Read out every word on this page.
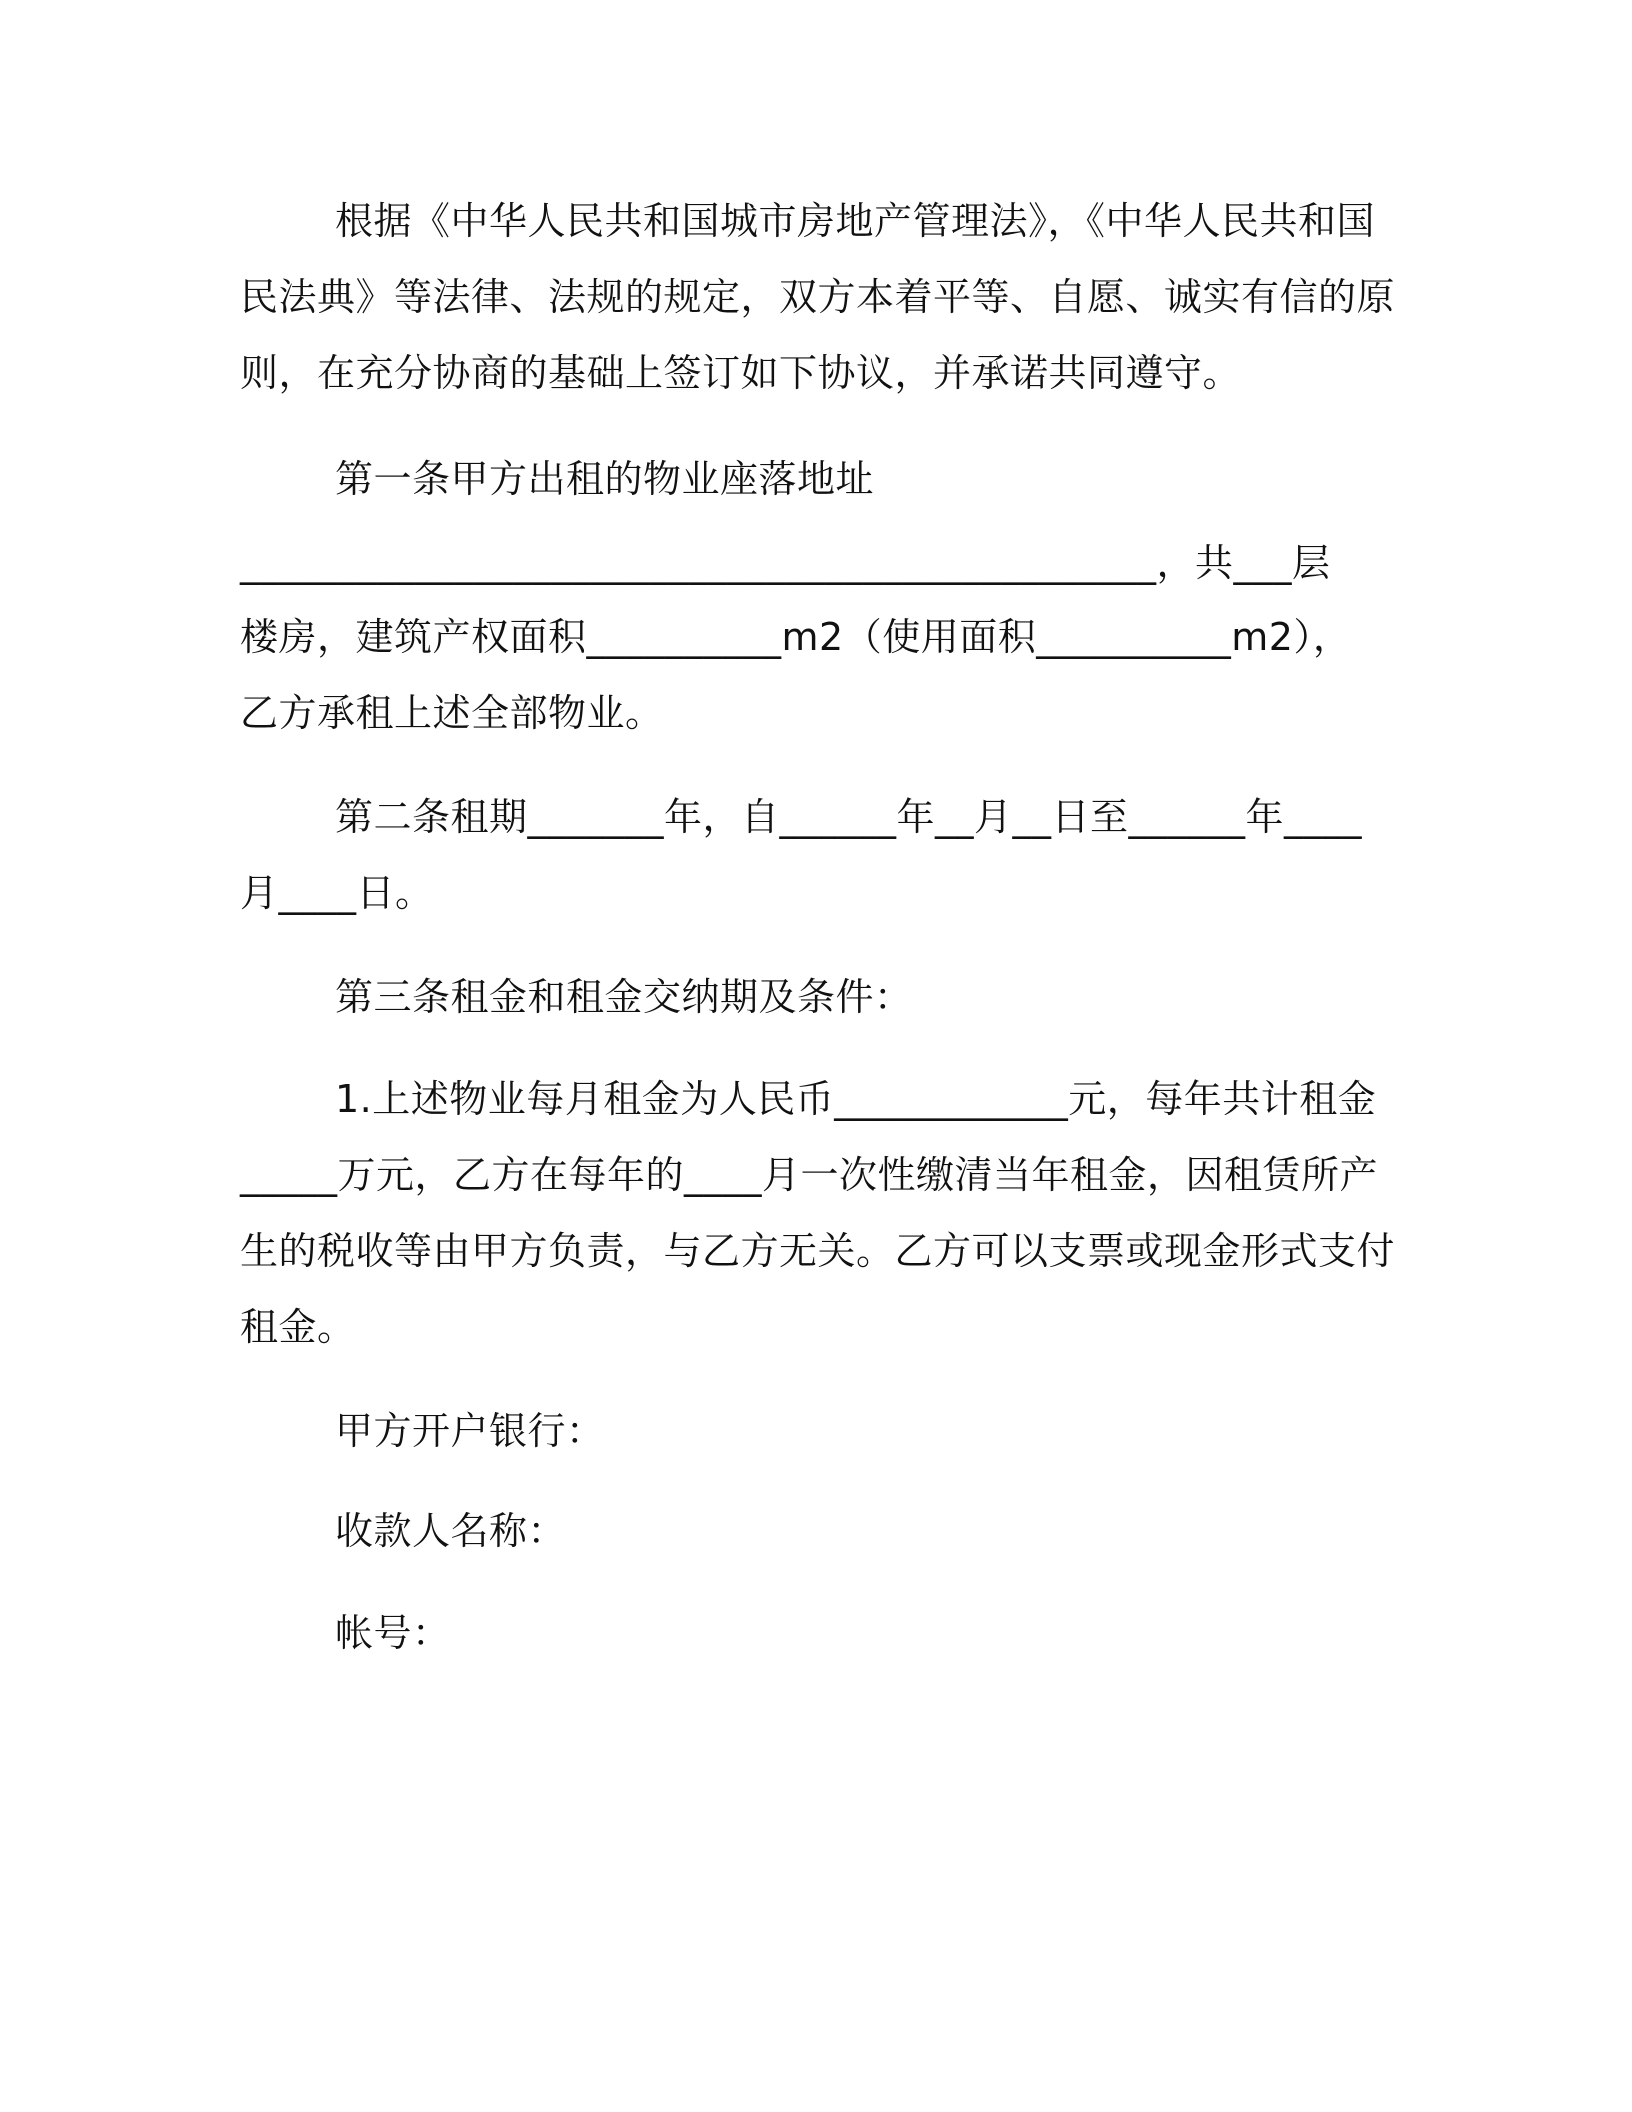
根据《中华人民共和国城市房地产管理法》，《中华人民共和国
民法典》等法律、法规的规定，双方本着平等、自愿、诚实有信的原
则，在充分协商的基础上签订如下协议，并承诺共同遵守。
第一条甲方出租的物业座落地址
_______________________________________________，共___层
楼房，建筑产权面积__________m2（使用面积__________m2），
乙方承租上述全部物业。
第二条租期_______年，自______年__月__日至______年____
月____日。
第三条租金和租金交纳期及条件：
1.上述物业每月租金为人民币____________元，每年共计租金
_____万元，乙方在每年的____月一次性缴清当年租金，因租赁所产
生的税收等由甲方负责，与乙方无关。乙方可以支票或现金形式支付
租金。
甲方开户银行：
收款人名称：
帐号：
